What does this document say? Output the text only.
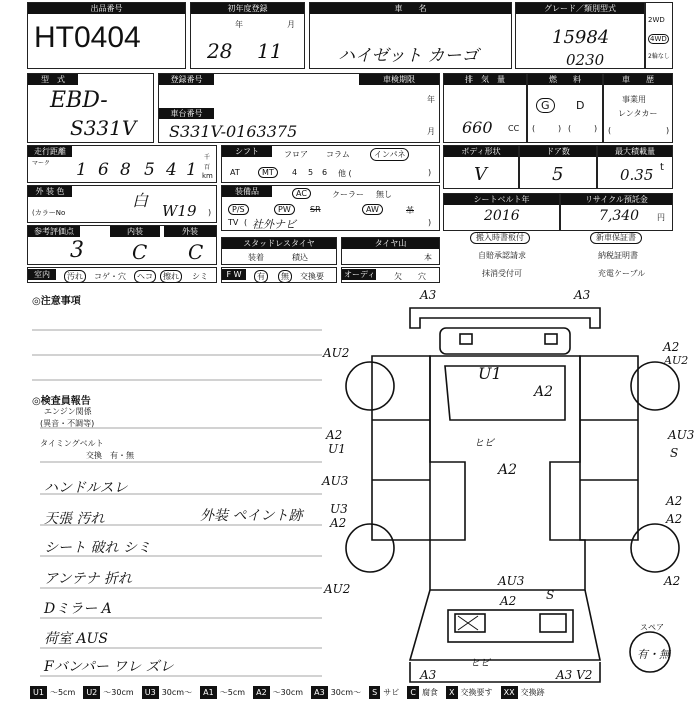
出品番号
HT0404
初年度登録
年	月
28 11
車　　名
ハイゼット カーゴ
グレード／類別型式
15984
0230
2WD
4WD
2輪なし
型　式
EBD-
S331V
登録番号	車検期限
車台番号
S331V-0163375
年
月
排　気　量
660 CC
燃　　料
G	D
(	) (	)
車　　歴
事業用
レンタカー
(	)
走行距離
マーク 1 6 8 5 4 1
千
百
km
シフト	フロア コラム	インパネ
AT	MT	4 5 6 他 (	)
ボディ形状
V
ドア数
5
最大積載量
0.35 t
外 装 色	白
(カラーNo	W19 )
装備品	AC	クーラー 無し
P/S	PW	SR	AW	革
TV ( 社外ナビ	)
シートベルト年
2016
リサイクル預託金
7,340 円
参考評価点	内装	外装
3 C C	スタッドレスタイヤ
装着	積込
タイヤ山
本
搬入時書板付	新車保証書
自賠承認請求	納税証明書
抹消受付可	充電ケーブル
室内	汚れ	コゲ・穴	ヘコ	擦れ	シミ	F W	有	無	交換要	オーディオ 欠 穴
◎注意事項
◎検査員報告
エンジン関係
(異音・不調等)
タイミングベルト
交換　有・無
ハンドルスレ
天張 汚れ	外装 ペイント跡
シート 破れ シミ
アンテナ 折れ
Dミラー A
荷室 AUS
Fバンパー ワレ ズレ
A3	A3
AU2
U1
A2
A2
AU2
A2
U1	ヒビ
A2
AU3
S
AU3
U3
A2
A2
A2
AU2
A2
AU3
A2 S
A3
ヒビ
A3 V2
スペア
有・無
U1 〜5cm U2 〜30cm U3 30cm〜 A1 〜5cm A2 〜30cm A3 30cm〜 S サビ C 腐食 X 交換要す XX 交換跡
